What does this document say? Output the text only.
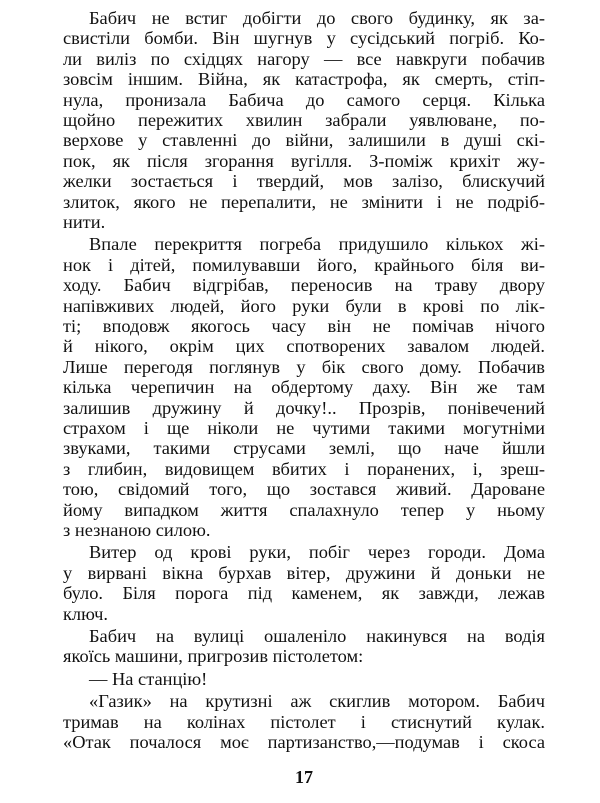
Бабич не встиг добігти до свого будинку, як за-
свистіли бомби. Він шугнув у сусідський погріб. Ко-
ли виліз по східцях нагору — все навкруги побачив
зовсім іншим. Війна, як катастрофа, як смерть, стіп-
нула, пронизала Бабича до самого серця. Кілька
щойно пережитих хвилин забрали уявлюване, по-
верхове у ставленні до війни, залишили в душі скі-
пок, як після згорання вугілля. З-поміж крихіт жу-
желки зостається і твердий, мов залізо, блискучий
злиток, якого не перепалити, не змінити і не подріб-
нити.
Впале перекриття погреба придушило кількох жі-
нок і дітей, помилувавши його, крайнього біля ви-
ходу. Бабич відгрібав, переносив на траву двору
напівживих людей, його руки були в крові по лік-
ті; вподовж якогось часу він не помічав нічого
й нікого, окрім цих спотворених завалом людей.
Лише перегодя поглянув у бік свого дому. Побачив
кілька черепичин на обдертому даху. Він же там
залишив дружину й дочку!.. Прозрів, понівечений
страхом і ще ніколи не чутими такими могутніми
звуками, такими струсами землі, що наче йшли
з глибин, видовищем вбитих і поранених, і, зреш-
тою, свідомий того, що зостався живий. Дароване
йому випадком життя спалахнуло тепер у ньому
з незнаною силою.
Витер од крові руки, побіг через городи. Дома
у вирвані вікна бурхав вітер, дружини й доньки не
було. Біля порога під каменем, як завжди, лежав
ключ.
Бабич на вулиці ошаленіло накинувся на водія
якоїсь машини, пригрозив пістолетом:
— На станцію!
«Газик» на крутизні аж скиглив мотором. Бабич
тримав на колінах пістолет і стиснутий кулак.
«Отак почалося моє партизанство,—подумав і скоса
17
